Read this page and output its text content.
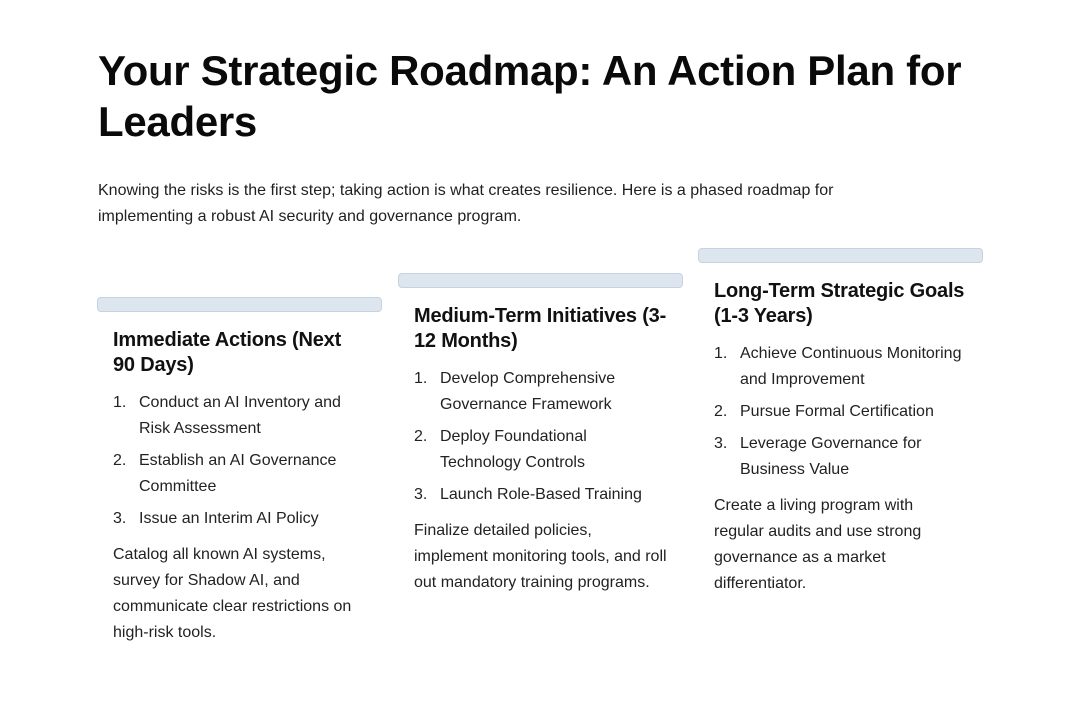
Your Strategic Roadmap: An Action Plan for Leaders

Knowing the risks is the first step; taking action is what creates resilience. Here is a phased roadmap for implementing a robust AI security and governance program.

Immediate Actions (Next 90 Days)
1. Conduct an AI Inventory and Risk Assessment
2. Establish an AI Governance Committee
3. Issue an Interim AI Policy

Catalog all known AI systems, survey for Shadow AI, and communicate clear restrictions on high-risk tools.

Medium-Term Initiatives (3-12 Months)
1. Develop Comprehensive Governance Framework
2. Deploy Foundational Technology Controls
3. Launch Role-Based Training

Finalize detailed policies, implement monitoring tools, and roll out mandatory training programs.

Long-Term Strategic Goals (1-3 Years)
1. Achieve Continuous Monitoring and Improvement
2. Pursue Formal Certification
3. Leverage Governance for Business Value

Create a living program with regular audits and use strong governance as a market differentiator.
